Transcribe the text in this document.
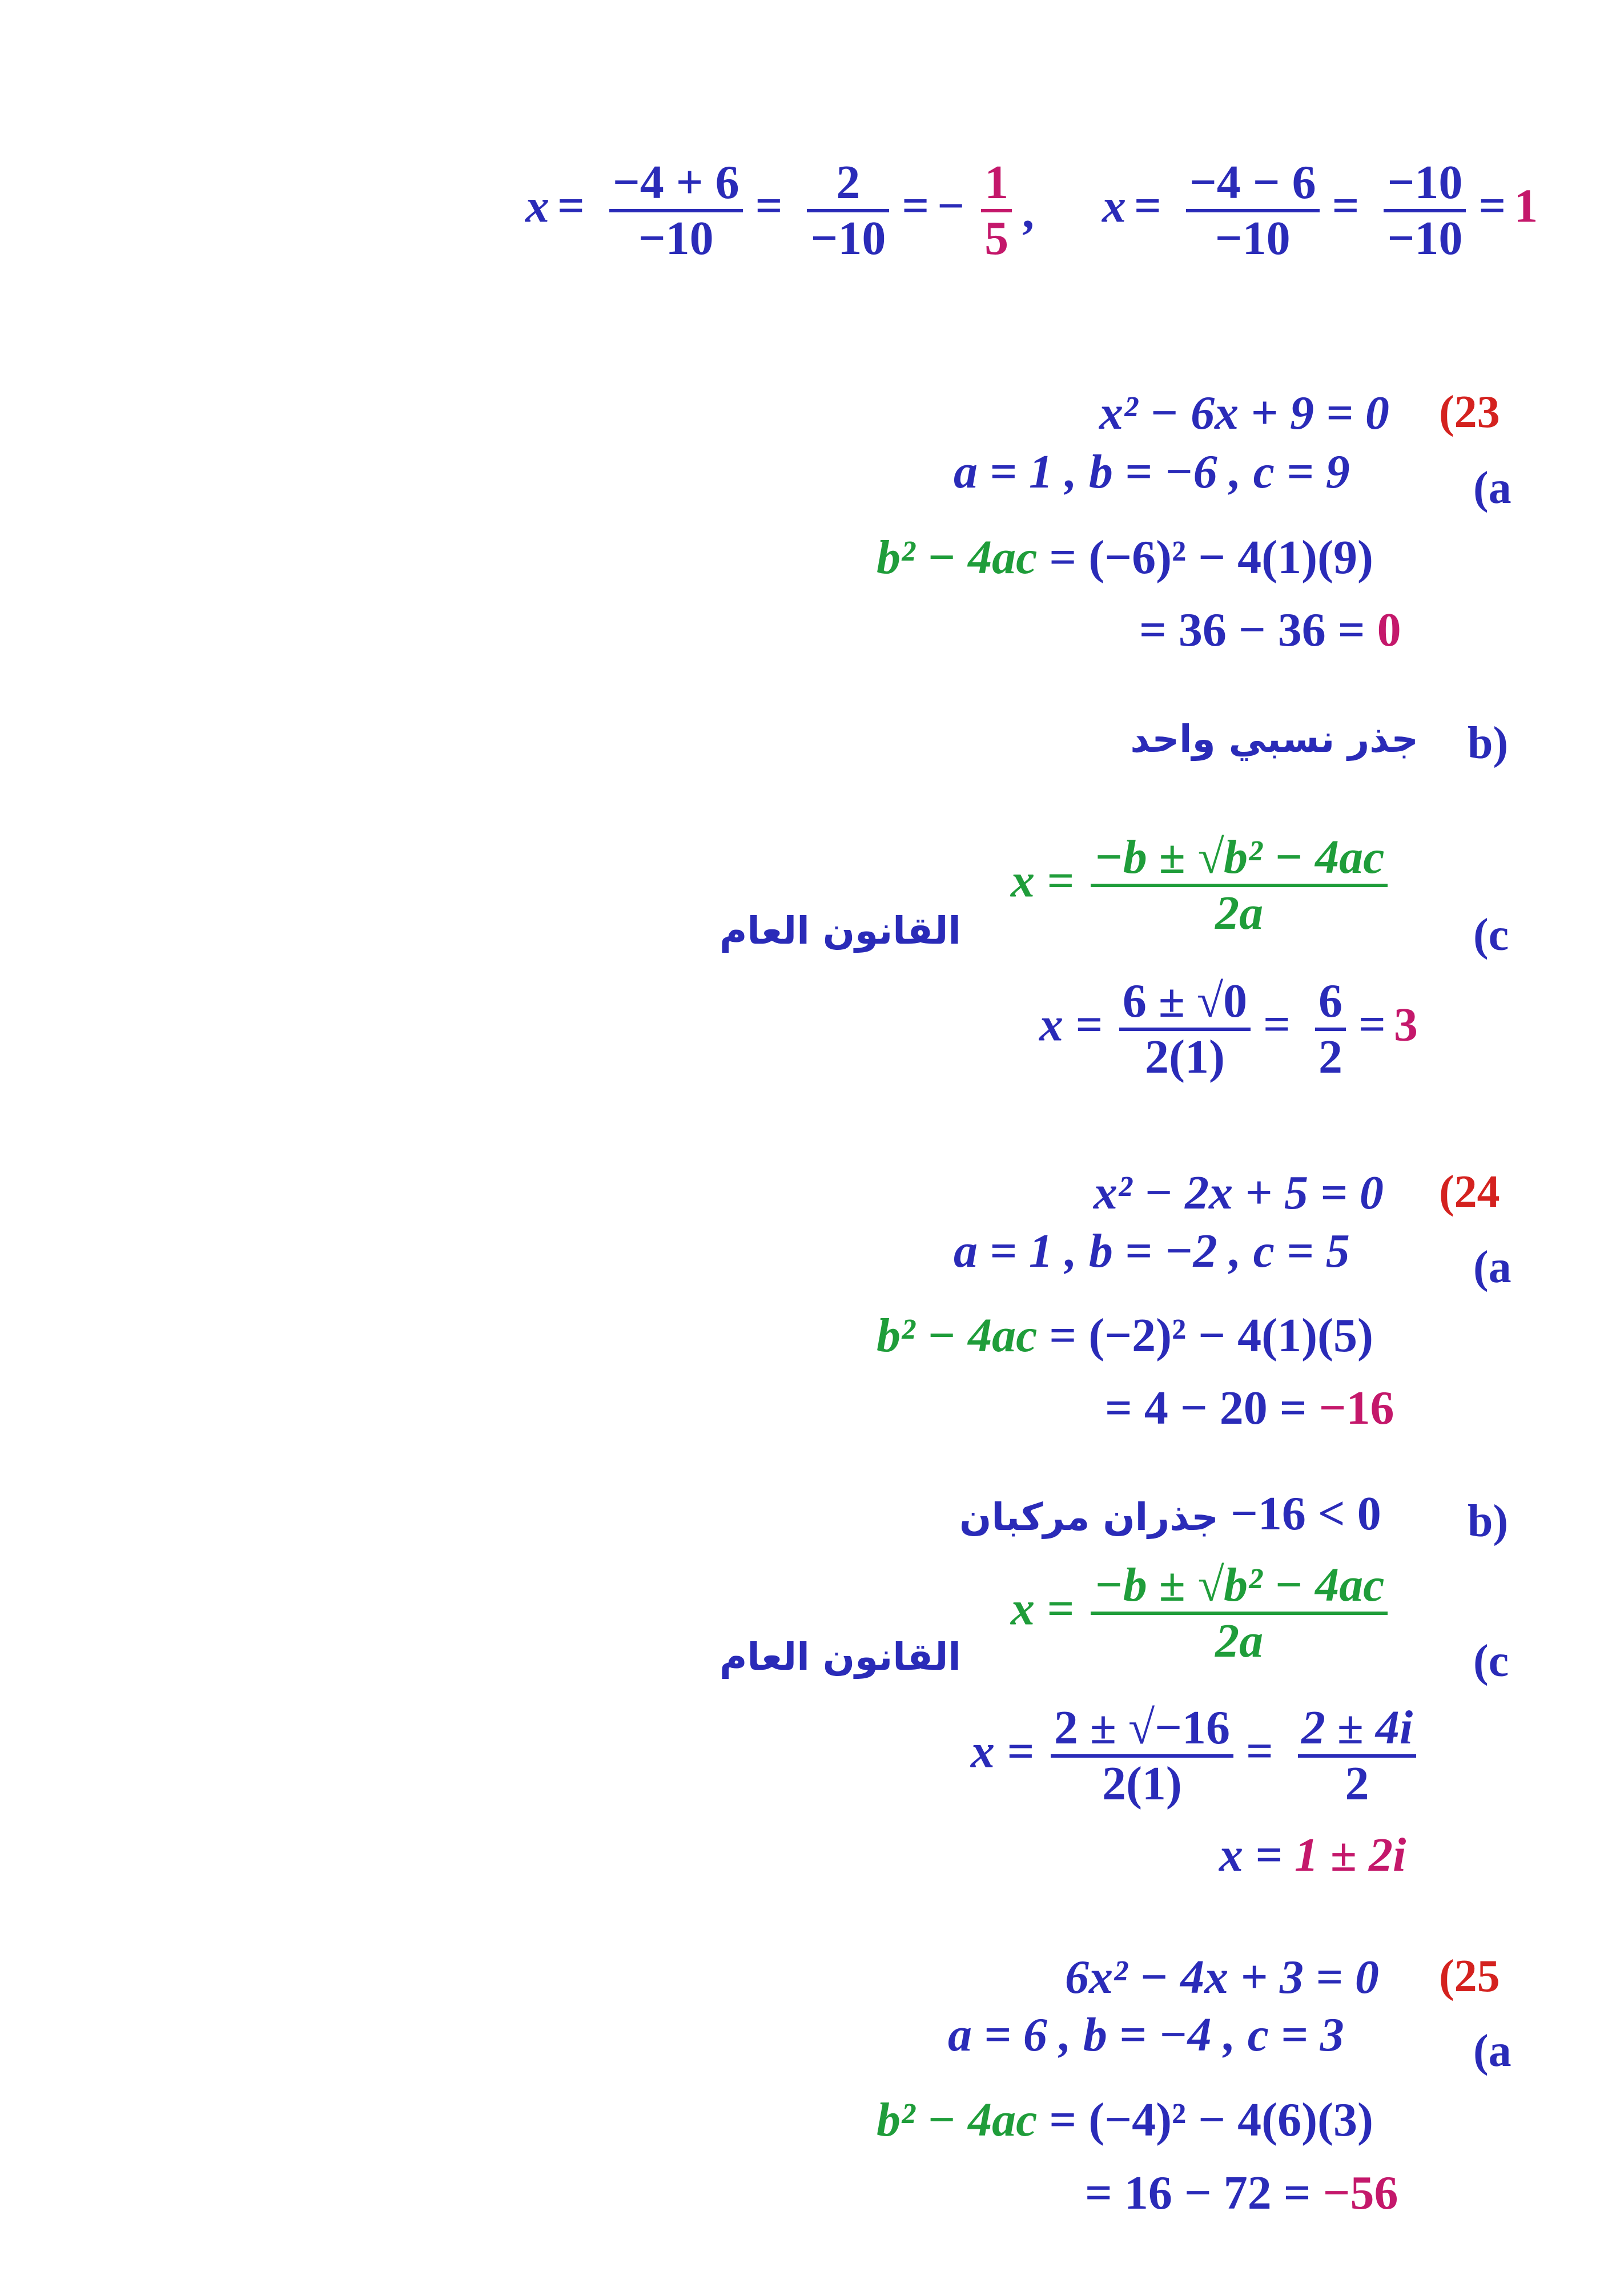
$x = \frac{-4 + 6}{-10} = \frac{2}{-10}$ = − $\frac{1}{5}$ , $x = \frac{-4 - 6}{-10} = \frac{-10}{-10} = 1$
(23
x² − 6x + 9 = 0
(a
a = 1 , b = −6 , c = 9
b² − 4ac = (−6)² − 4(1)(9)
= 36 − 36 = 0
b)
جذر نسبي واحد
القانون العام
$x = \frac{\text{−b ± √b² − 4ac}}{2a} (c$
$x = \frac{6 \pm √0}{2(1)} = \frac{6}{2} = 3$
(24
x² − 2x + 5 = 0
(a
a = 1 , b = −2 , c = 5
b² − 4ac = (−2)² − 4(1)(5)
= 4 − 20 = −16
b)
−16 < 0
جذران مركبان
القانون العام
$x = \frac{\text{−b ± √b² − 4ac}}{2a} (c$
$x = \frac{2 \pm √-16}{2(1)} = \frac{2 \pm 4i}{2}$
x = 1 ± 2i
(25
6x² − 4x + 3 = 0
(a
a = 6 , b = −4 , c = 3
b² − 4ac = (−4)² − 4(6)(3)
= 16 − 72 = −56
